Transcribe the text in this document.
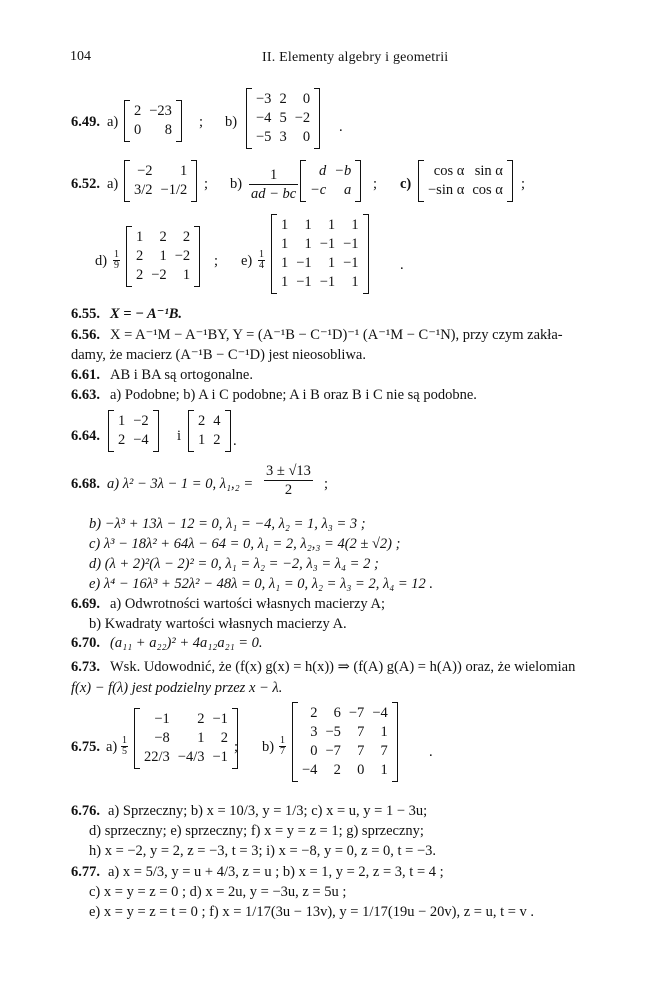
104	II. Elementy algebry i geometrii
6.49. a)
2	−23
0	8 ; b)
−3	2	0
−4	5	−2
−5	3	0
.
6.52. a)
−2	1
3/2	−1/2 ; $b) \frac{1}{ad - bc}$ d	−b
−c	a ; c)
cos α	sin α
−sin α	cos α ;
$d) \frac{1}{9}$
1	2	2
2	1	−2
2	−2	1
; $e) \frac{1}{4}$
1	1	1	1
1	1	−1	−1
1	−1	1	−1
1	−1	−1	1
.
6.55. X = − A⁻¹B.
6.56. X = A⁻¹M − A⁻¹BY, Y = (A⁻¹B − C⁻¹D)⁻¹ (A⁻¹M − C⁻¹N), przy czym zakła-
damy, że macierz (A⁻¹B − C⁻¹D) jest nieosobliwa.
6.61. AB i BA są ortogonalne.
6.63. a) Podobne; b) A i C podobne; A i B oraz B i C nie są podobne.
6.64.
1	−2
2	−4 i
2	4
1	2 .
6.68. a) λ² − 3λ − 1 = 0, $\lambda_1,_2 = \frac{3 \pm √13}{2}$ ;
b) −λ³ + 13λ − 12 = 0, λ₁ = −4, λ₂ = 1, λ₃ = 3 ;
c) λ³ − 18λ² + 64λ − 64 = 0, λ₁ = 2, λ₂,₃ = 4(2 ± √2) ;
d) (λ + 2)²(λ − 2)² = 0, λ₁ = λ₂ = −2, λ₃ = λ₄ = 2 ;
e) λ⁴ − 16λ³ + 52λ² − 48λ = 0, λ₁ = 0, λ₂ = λ₃ = 2, λ₄ = 12 .
6.69. a) Odwrotności wartości własnych macierzy A;
b) Kwadraty wartości własnych macierzy A.
6.70. (a₁₁ + a₂₂)² + 4a₁₂a₂₁ = 0.
6.73. Wsk. Udowodnić, że (f(x) g(x) = h(x)) ⇒ (f(A) g(A) = h(A)) oraz, że wielomian
f(x) − f(λ) jest podzielny przez x − λ.
6.75. $a) \frac{1}{5}$
−1	2	−1
−8	1	2
22/3	−4/3	−1
; $b) \frac{1}{7}$
2	6	−7	−4
3	−5	7	1
0	−7	7	7
−4	2	0	1
.
6.76. a) Sprzeczny; b) x = 10/3, y = 1/3; c) x = u, y = 1 − 3u;
d) sprzeczny; e) sprzeczny; f) x = y = z = 1; g) sprzeczny;
h) x = −2, y = 2, z = −3, t = 3; i) x = −8, y = 0, z = 0, t = −3.
6.77. a) x = 5/3, y = u + 4/3, z = u ; b) x = 1, y = 2, z = 3, t = 4 ;
c) x = y = z = 0 ; d) x = 2u, y = −3u, z = 5u ;
e) x = y = z = t = 0 ; f) x = 1/17(3u − 13v), y = 1/17(19u − 20v), z = u, t = v .
